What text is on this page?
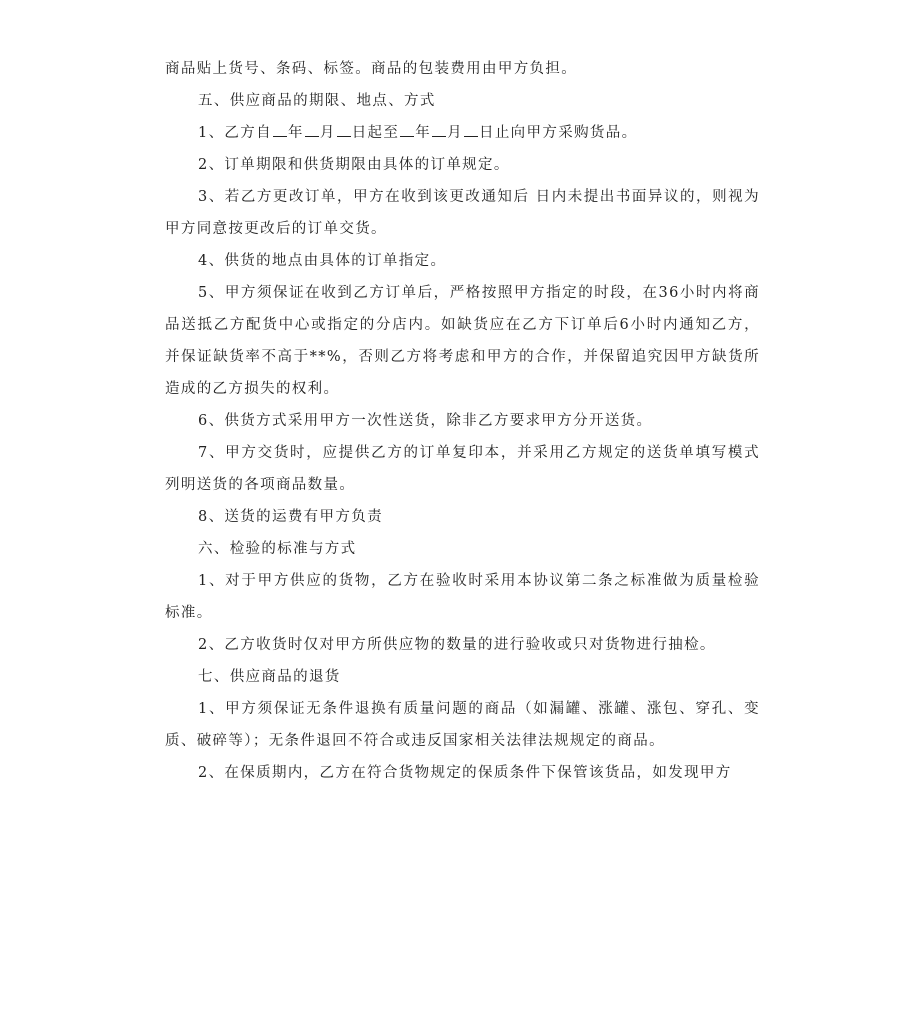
商品贴上货号、条码、标签。商品的包装费用由甲方负担。

五、供应商品的期限、地点、方式

1、乙方自 年 月 日起至 年 月 日止向甲方采购货品。

2、订单期限和供货期限由具体的订单规定。

3、若乙方更改订单，甲方在收到该更改通知后 日内未提出书面异议的，则视为甲方同意按更改后的订单交货。

4、供货的地点由具体的订单指定。

5、甲方须保证在收到乙方订单后，严格按照甲方指定的时段，在36小时内将商品送抵乙方配货中心或指定的分店内。如缺货应在乙方下订单后6小时内通知乙方，并保证缺货率不高于**%，否则乙方将考虑和甲方的合作，并保留追究因甲方缺货所造成的乙方损失的权利。

6、供货方式采用甲方一次性送货，除非乙方要求甲方分开送货。

7、甲方交货时，应提供乙方的订单复印本，并采用乙方规定的送货单填写模式列明送货的各项商品数量。

8、送货的运费有甲方负责

六、检验的标准与方式

1、对于甲方供应的货物，乙方在验收时采用本协议第二条之标准做为质量检验标准。

2、乙方收货时仅对甲方所供应物的数量的进行验收或只对货物进行抽检。

七、供应商品的退货

1、甲方须保证无条件退换有质量问题的商品（如漏罐、涨罐、涨包、穿孔、变质、破碎等）；无条件退回不符合或违反国家相关法律法规规定的商品。

2、在保质期内，乙方在符合货物规定的保质条件下保管该货品，如发现甲方
